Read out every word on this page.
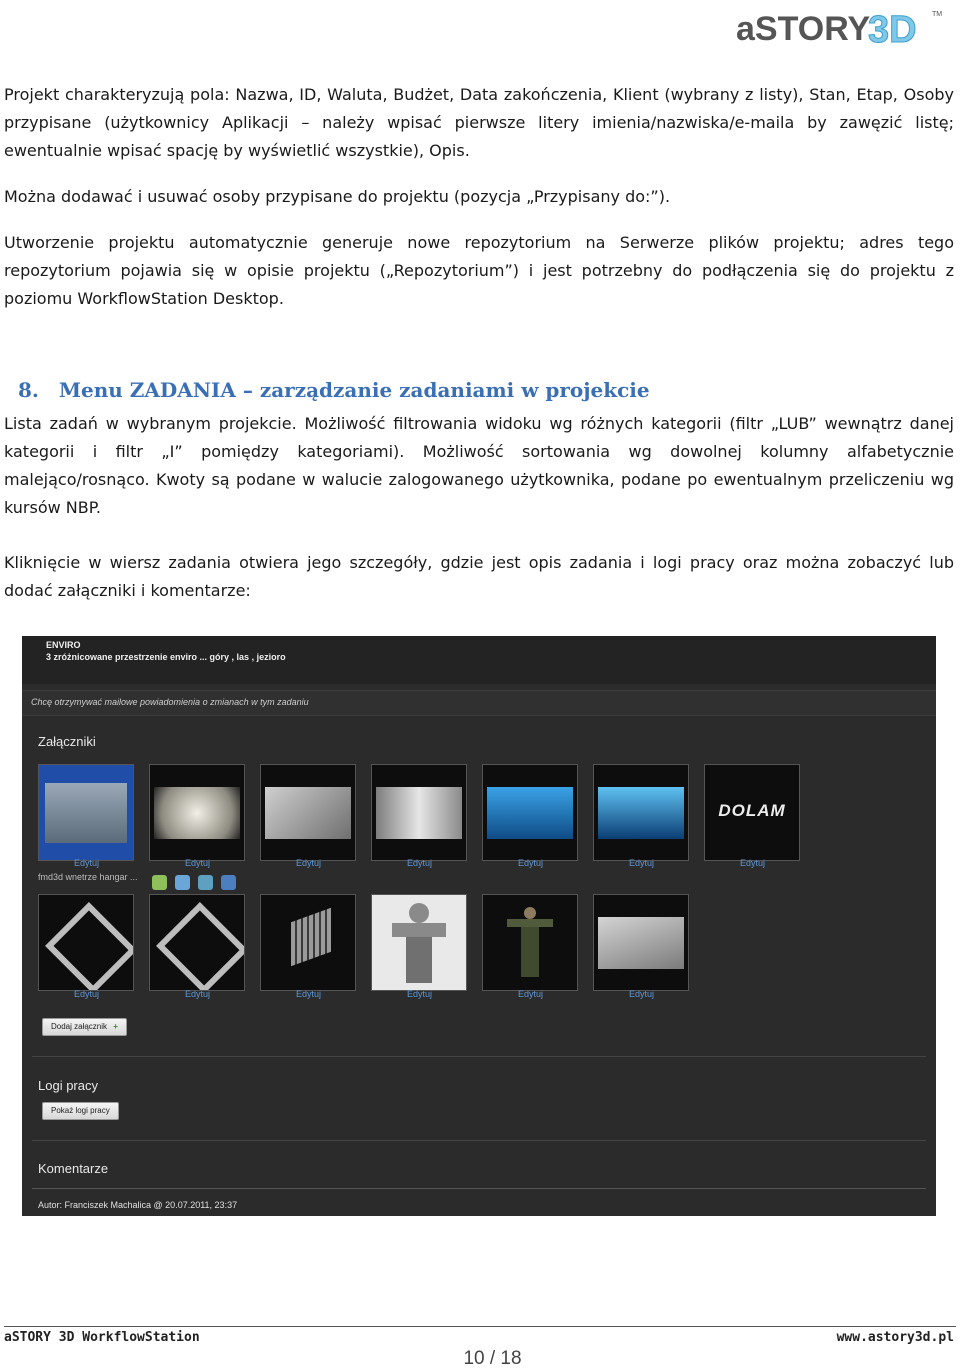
aSTORY
3D TM

Projekt charakteryzują pola: Nazwa, ID, Waluta, Budżet, Data zakończenia, Klient (wybrany z listy), Stan, Etap, Osoby przypisane (użytkownicy Aplikacji – należy wpisać pierwsze litery imienia/nazwiska/e-maila by zawęzić listę; ewentualnie wpisać spację by wyświetlić wszystkie), Opis.

Można dodawać i usuwać osoby przypisane do projektu (pozycja „Przypisany do:”).

Utworzenie projektu automatycznie generuje nowe repozytorium na Serwerze plików projektu; adres tego repozytorium pojawia się w opisie projektu („Repozytorium”) i jest potrzebny do podłączenia się do projektu z poziomu WorkflowStation Desktop.

8. Menu ZADANIA – zarządzanie zadaniami w projekcie

Lista zadań w wybranym projekcie. Możliwość filtrowania widoku wg różnych kategorii (filtr „LUB” wewnątrz danej kategorii i filtr „I” pomiędzy kategoriami). Możliwość sortowania wg dowolnej kolumny alfabetycznie malejąco/rosnąco. Kwoty są podane w walucie zalogowanego użytkownika, podane po ewentualnym przeliczeniu wg kursów NBP.

Kliknięcie w wiersz zadania otwiera jego szczegóły, gdzie jest opis zadania i logi pracy oraz można zobaczyć lub dodać załączniki i komentarze:

ENVIRO
3 zróżnicowane przestrzenie enviro ... góry , las , jezioro
Chcę otrzymywać mailowe powiadomienia o zmianach w tym zadaniu
Załączniki
DOLAM
Edytuj	Edytuj	Edytuj	Edytuj	Edytuj	Edytuj	Edytuj
fmd3d wnetrze hangar ...
Edytuj	Edytuj	Edytuj	Edytuj	Edytuj	Edytuj
Dodaj załącznik +
Logi pracy
Pokaż logi pracy
Komentarze
Autor: Franciszek Machalica @ 20.07.2011, 23:37
aSTORY 3D WorkflowStation	www.astory3d.pl
10 / 18
